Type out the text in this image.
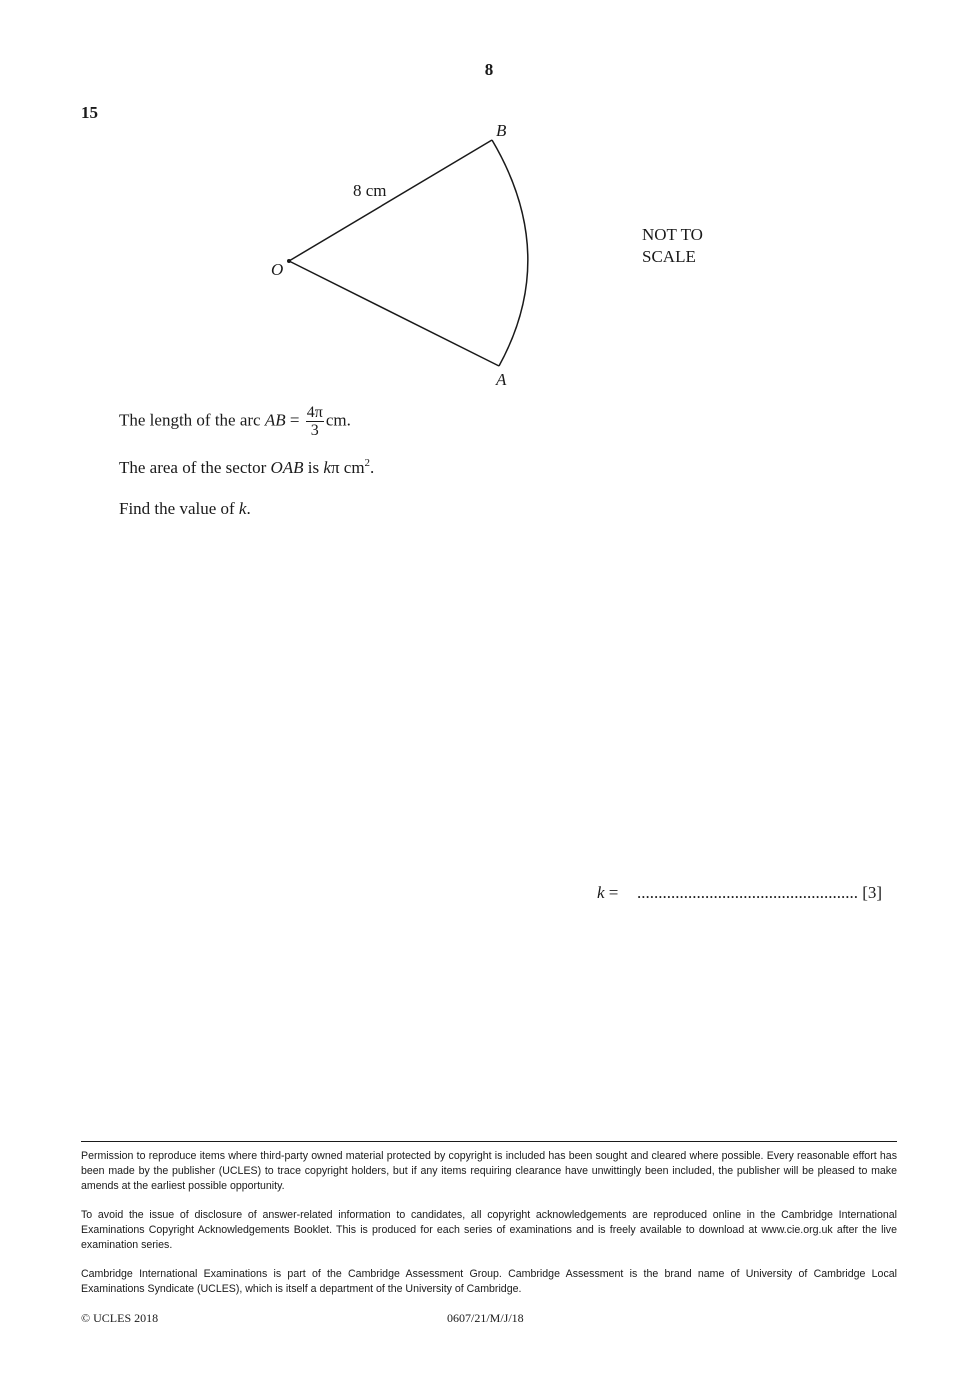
8
15
B
O
A
8 cm
NOT TO
SCALE
The length of the arc AB = $\frac{4\pi}{3}$ cm.
The area of the sector OAB is kπ $cm^2$.
Find the value of k.
k = .................................................... [3]
Permission to reproduce items where third-party owned material protected by copyright is included has been sought and cleared where possible. Every reasonable effort has been made by the publisher (UCLES) to trace copyright holders, but if any items requiring clearance have unwittingly been included, the publisher will be pleased to make amends at the earliest possible opportunity.
To avoid the issue of disclosure of answer-related information to candidates, all copyright acknowledgements are reproduced online in the Cambridge International Examinations Copyright Acknowledgements Booklet. This is produced for each series of examinations and is freely available to download at www.cie.org.uk after the live examination series.
Cambridge International Examinations is part of the Cambridge Assessment Group. Cambridge Assessment is the brand name of University of Cambridge Local Examinations Syndicate (UCLES), which is itself a department of the University of Cambridge.
© UCLES 2018	0607/21/M/J/18
